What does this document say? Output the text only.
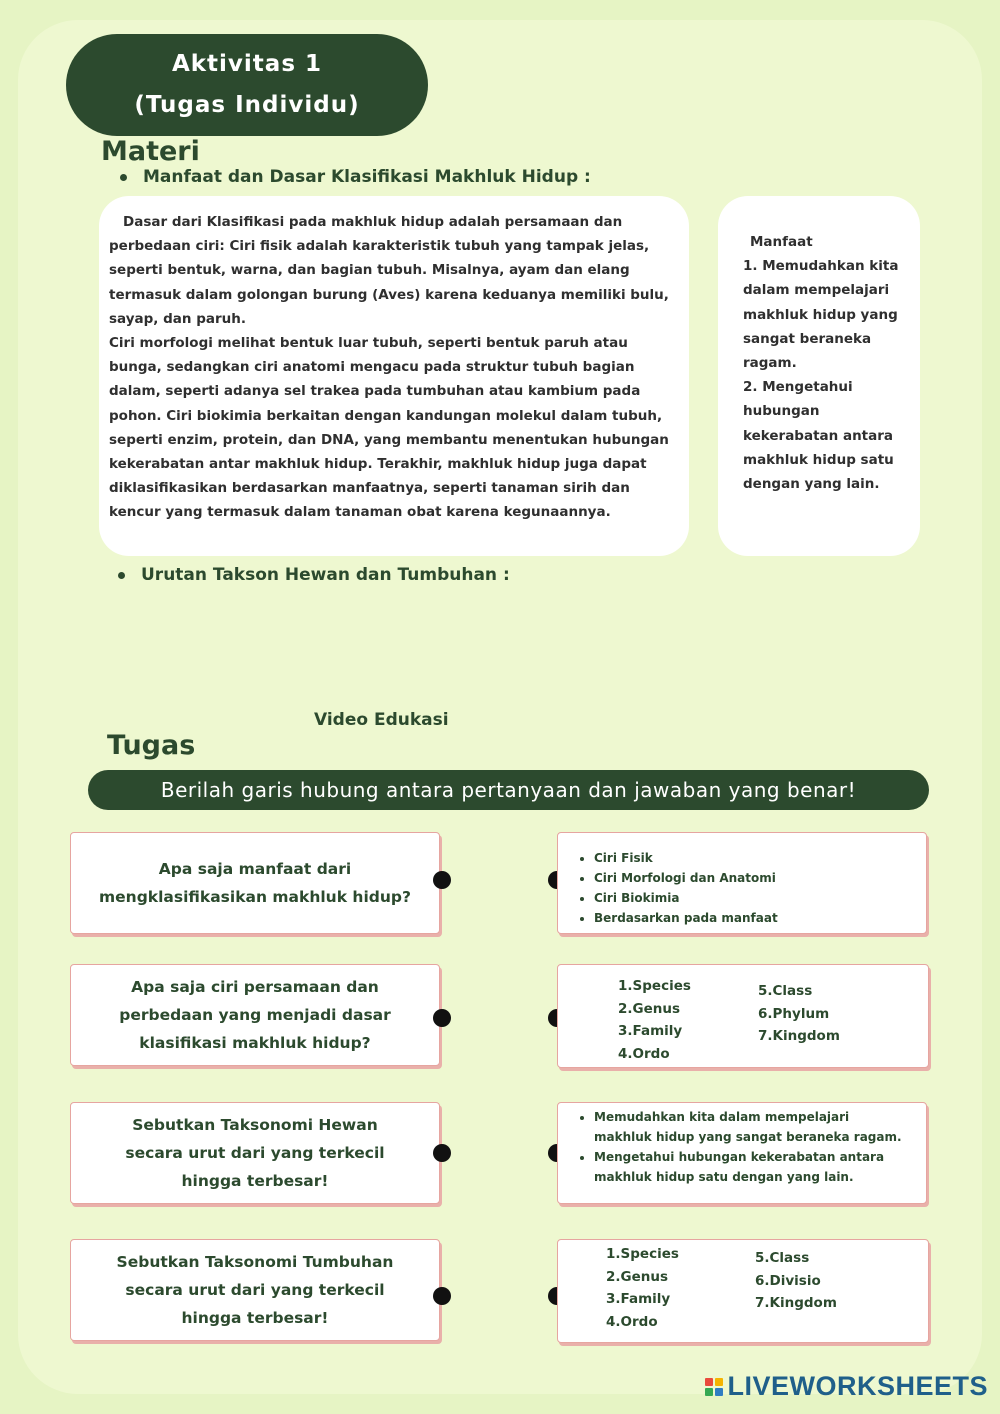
Aktivitas 1
(Tugas Individu)
Materi
Manfaat dan Dasar Klasifikasi Makhluk Hidup :

Dasar dari Klasifikasi pada makhluk hidup adalah persamaan dan perbedaan ciri: Ciri fisik adalah karakteristik tubuh yang tampak jelas, seperti bentuk, warna, dan bagian tubuh. Misalnya, ayam dan elang termasuk dalam golongan burung (Aves) karena keduanya memiliki bulu, sayap, dan paruh.

Ciri morfologi melihat bentuk luar tubuh, seperti bentuk paruh atau bunga, sedangkan ciri anatomi mengacu pada struktur tubuh bagian dalam, seperti adanya sel trakea pada tumbuhan atau kambium pada pohon. Ciri biokimia berkaitan dengan kandungan molekul dalam tubuh, seperti enzim, protein, dan DNA, yang membantu menentukan hubungan kekerabatan antar makhluk hidup. Terakhir, makhluk hidup juga dapat diklasifikasikan berdasarkan manfaatnya, seperti tanaman sirih dan kencur yang termasuk dalam tanaman obat karena kegunaannya.

Manfaat

1. Memudahkan kita dalam mempelajari makhluk hidup yang sangat beraneka ragam.

2. Mengetahui hubungan kekerabatan antara makhluk hidup satu dengan yang lain.

Urutan Takson Hewan dan Tumbuhan :
Video Edukasi
Tugas
Berilah garis hubung antara pertanyaan dan jawaban yang benar!
Apa saja manfaat dari mengklasifikasikan makhluk hidup?
• Ciri Fisik
• Ciri Morfologi dan Anatomi
• Ciri Biokimia
• Berdasarkan pada manfaat
Apa saja ciri persamaan dan perbedaan yang menjadi dasar klasifikasi makhluk hidup?
1.Species
2.Genus
3.Family
4.Ordo
5.Class
6.Phylum
7.Kingdom
Sebutkan Taksonomi Hewan secara urut dari yang terkecil hingga terbesar!
• Memudahkan kita dalam mempelajari makhluk hidup yang sangat beraneka ragam.
• Mengetahui hubungan kekerabatan antara makhluk hidup satu dengan yang lain.
Sebutkan Taksonomi Tumbuhan secara urut dari yang terkecil hingga terbesar!
1.Species
2.Genus
3.Family
4.Ordo
5.Class
6.Divisio
7.Kingdom
LIVEWORKSHEETS
